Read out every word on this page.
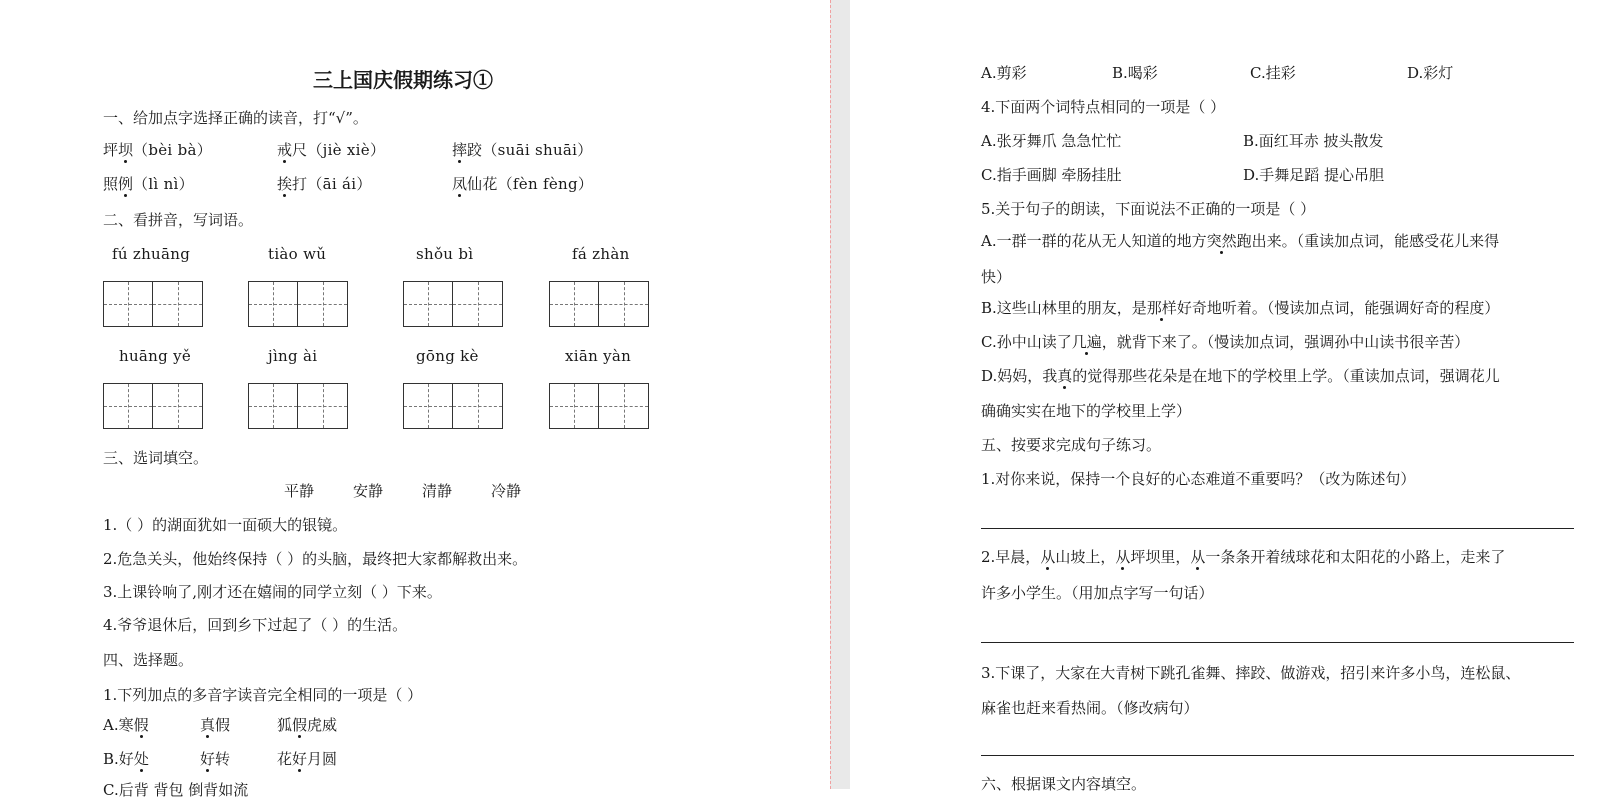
三上国庆假期练习①
一、给加点字选择正确的读音，打“√”。
坪坝（bèi bà）	戒尺（jiè xiè）	摔跤（suāi shuāi）
照例（lì nì）	挨打（āi ái）	凤仙花（fèn fèng）
二、看拼音，写词语。
fú zhuāng	tiào wǔ	shǒu bì	fá zhàn
huāng yě	jìng ài	gōng kè	xiān yàn
三、选词填空。
平静	安静	清静	冷静
1.（ ）的湖面犹如一面硕大的银镜。
2.危急关头，他始终保持（ ）的头脑，最终把大家都解救出来。
3.上课铃响了,刚才还在嬉闹的同学立刻（ ）下来。
4.爷爷退休后，回到乡下过起了（ ）的生活。
四、选择题。
1.下列加点的多音字读音完全相同的一项是（ ）
A.寒假	真假	狐假虎威
B.好处	好转	花好月圆
C.后背 背包 倒背如流
A.剪彩	B.喝彩	C.挂彩	D.彩灯
4.下面两个词特点相同的一项是（ ）
A.张牙舞爪 急急忙忙	B.面红耳赤 披头散发
C.指手画脚 牵肠挂肚	D.手舞足蹈 提心吊胆
5.关于句子的朗读，下面说法不正确的一项是（ ）
A.一群一群的花从无人知道的地方突然跑出来。（重读加点词，能感受花儿来得
快）
B.这些山林里的朋友，是那样好奇地听着。（慢读加点词，能强调好奇的程度）
C.孙中山读了几遍，就背下来了。（慢读加点词，强调孙中山读书很辛苦）
D.妈妈，我真的觉得那些花朵是在地下的学校里上学。（重读加点词，强调花儿
确确实实在地下的学校里上学）
五、按要求完成句子练习。
1.对你来说，保持一个良好的心态难道不重要吗？（改为陈述句）
2.早晨，从山坡上，从坪坝里，从一条条开着绒球花和太阳花的小路上，走来了
许多小学生。（用加点字写一句话）
3.下课了，大家在大青树下跳孔雀舞、摔跤、做游戏，招引来许多小鸟，连松鼠、
麻雀也赶来看热闹。（修改病句）
六、根据课文内容填空。
